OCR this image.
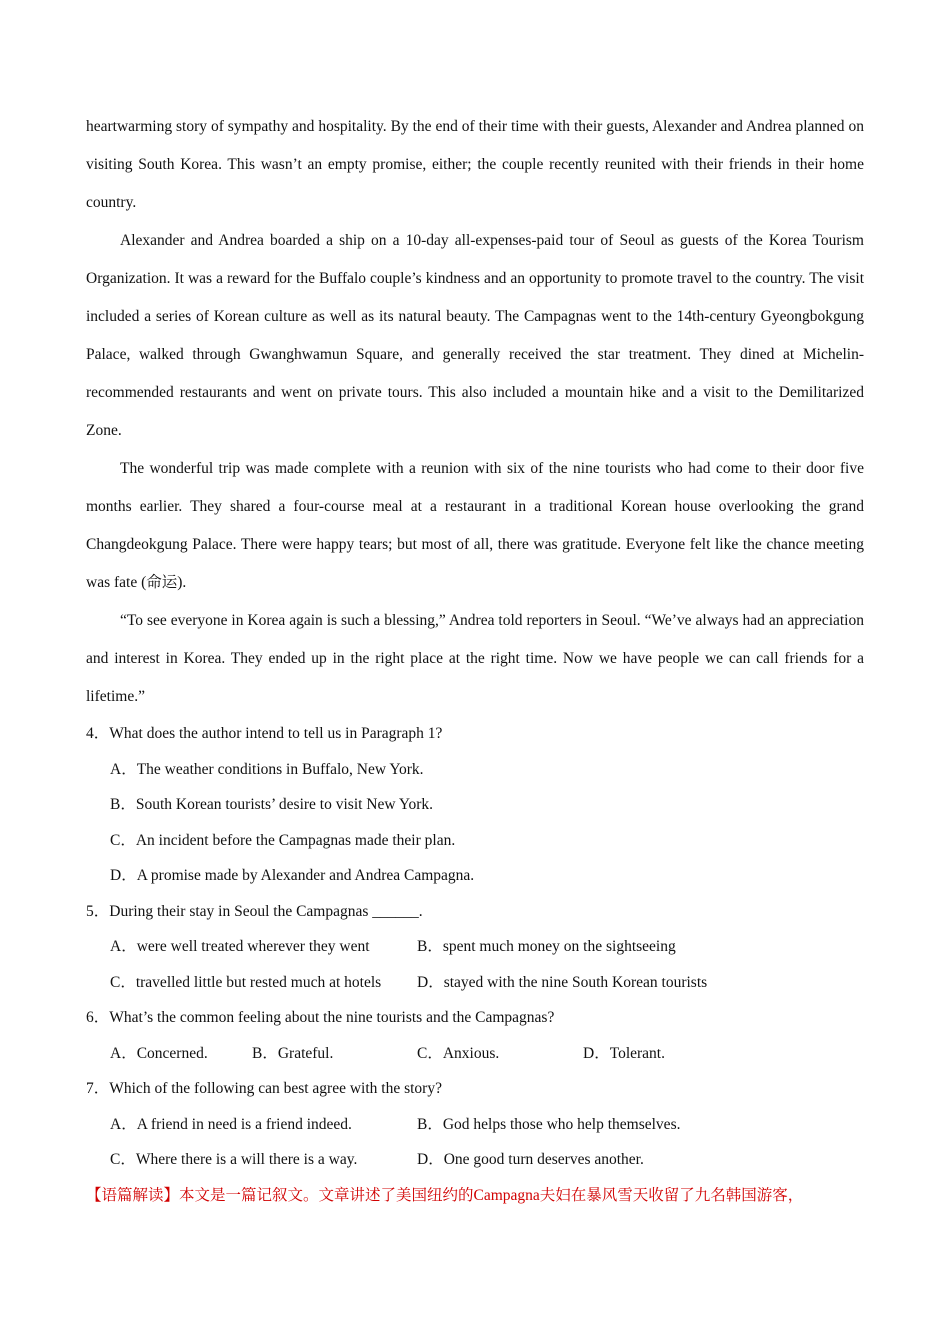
heartwarming story of sympathy and hospitality. By the end of their time with their guests, Alexander and Andrea planned on visiting South Korea. This wasn’t an empty promise, either; the couple recently reunited with their friends in their home country.

Alexander and Andrea boarded a ship on a 10-day all-expenses-paid tour of Seoul as guests of the Korea Tourism Organization. It was a reward for the Buffalo couple’s kindness and an opportunity to promote travel to the country. The visit included a series of Korean culture as well as its natural beauty. The Campagnas went to the 14th-century Gyeongbokgung Palace, walked through Gwanghwamun Square, and generally received the star treatment. They dined at Michelin-recommended restaurants and went on private tours. This also included a mountain hike and a visit to the Demilitarized Zone.

The wonderful trip was made complete with a reunion with six of the nine tourists who had come to their door five months earlier. They shared a four-course meal at a restaurant in a traditional Korean house overlooking the grand Changdeokgung Palace. There were happy tears; but most of all, there was gratitude. Everyone felt like the chance meeting was fate (命运).

“To see everyone in Korea again is such a blessing,” Andrea told reporters in Seoul. “We’ve always had an appreciation and interest in Korea. They ended up in the right place at the right time. Now we have people we can call friends for a lifetime.”

4．What does the author intend to tell us in Paragraph 1?

A．The weather conditions in Buffalo, New York.
B．South Korean tourists’ desire to visit New York.
C．An incident before the Campagnas made their plan.
D．A promise made by Alexander and Andrea Campagna.

5．During their stay in Seoul the Campagnas ______.

A．were well treated wherever they went	B．spent much money on the sightseeing
C．travelled little but rested much at hotels	D．stayed with the nine South Korean tourists

6．What’s the common feeling about the nine tourists and the Campagnas?

A．Concerned.	B．Grateful.	C．Anxious.	D．Tolerant.

7．Which of the following can best agree with the story?

A．A friend in need is a friend indeed.	B．God helps those who help themselves.
C．Where there is a will there is a way.	D．One good turn deserves another.

【语篇解读】本文是一篇记叙文。文章讲述了美国纽约的Campagna夫妇在暴风雪天收留了九名韩国游客，
